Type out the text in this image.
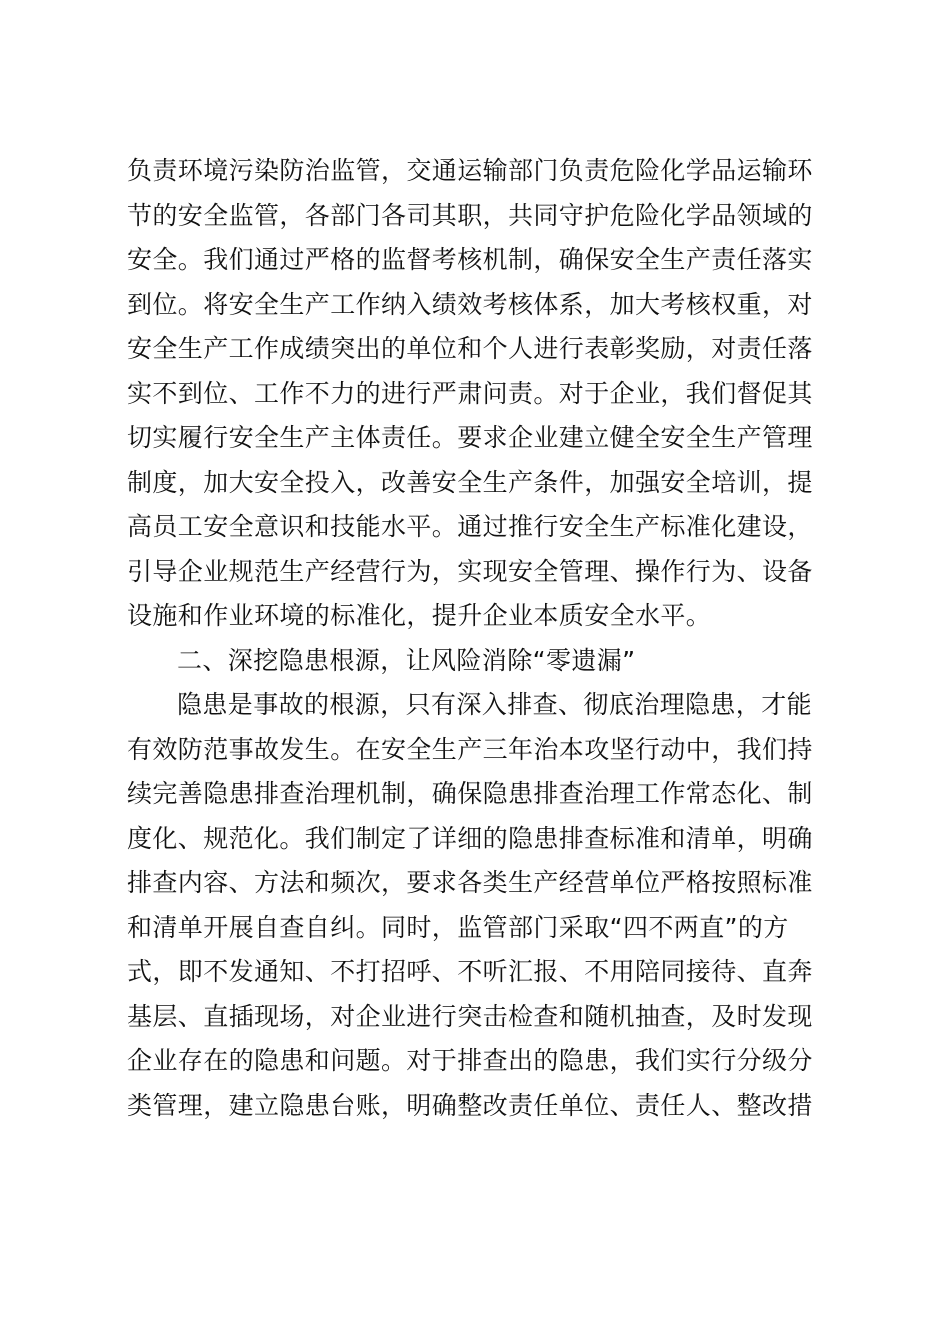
负责环境污染防治监管，交通运输部门负责危险化学品运输环
节的安全监管，各部门各司其职，共同守护危险化学品领域的
安全。我们通过严格的监督考核机制，确保安全生产责任落实
到位。将安全生产工作纳入绩效考核体系，加大考核权重，对
安全生产工作成绩突出的单位和个人进行表彰奖励，对责任落
实不到位、工作不力的进行严肃问责。对于企业，我们督促其
切实履行安全生产主体责任。要求企业建立健全安全生产管理
制度，加大安全投入，改善安全生产条件，加强安全培训，提
高员工安全意识和技能水平。通过推行安全生产标准化建设，
引导企业规范生产经营行为，实现安全管理、操作行为、设备
设施和作业环境的标准化，提升企业本质安全水平。
二、深挖隐患根源，让风险消除“零遗漏”
隐患是事故的根源，只有深入排查、彻底治理隐患，才能
有效防范事故发生。在安全生产三年治本攻坚行动中，我们持
续完善隐患排查治理机制，确保隐患排查治理工作常态化、制
度化、规范化。我们制定了详细的隐患排查标准和清单，明确
排查内容、方法和频次，要求各类生产经营单位严格按照标准
和清单开展自查自纠。同时，监管部门采取“四不两直”的方
式，即不发通知、不打招呼、不听汇报、不用陪同接待、直奔
基层、直插现场，对企业进行突击检查和随机抽查，及时发现
企业存在的隐患和问题。对于排查出的隐患，我们实行分级分
类管理，建立隐患台账，明确整改责任单位、责任人、整改措
